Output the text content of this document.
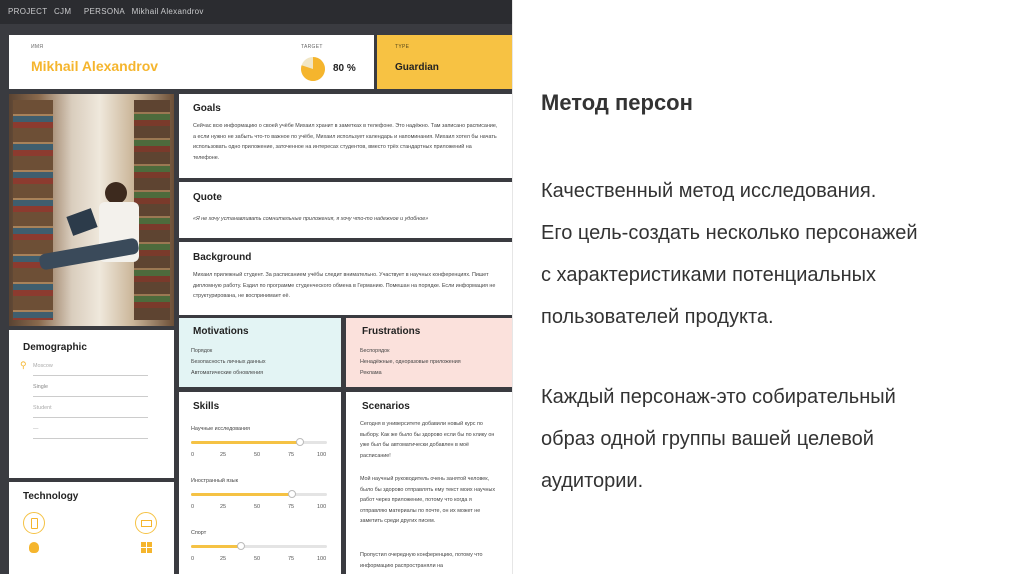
PROJECT CJM PERSONA Mikhail Alexandrov
ИМЯ
Mikhail Alexandrov
TARGET
80 %
TYPE
Guardian
Goals
Сейчас всю информацию о своей учёбе Михаил хранит в заметках в телефоне. Это надёжно. Там записано расписание, а если нужно не забыть что-то важное по учёбе, Михаил использует календарь и напоминания. Михаил хотел бы начать использовать одно приложение, заточенное на интересах студентов, вместо трёх стандартных приложений на телефоне.
Quote
«Я не хочу устанавливать сомнительные приложения, я хочу что-то надежное и удобное»
Background
Михаил прилежный студент. За расписанием учёбы следит внимательно. Участвует в научных конференциях. Пишет дипломную работу. Ездил по программе студенческого обмена в Германию. Помешан на порядке. Если информация не структурирована, не воспринимает её.
Demographic
⚲ Moscow
Single
Student
—
Technology
Motivations
Порядок
Безопасность личных данных
Автоматические обновления
Frustrations
Беспорядок
Ненадёжные, одноразовые приложения
Реклама
Skills
Научные исследования
0	25	50	75	100
Иностранный язык
0	25	50	75	100
Спорт
0	25	50	75	100
Scenarios
Сегодня в университете добавили новый курс по выбору. Как же было бы здорово если бы по клику он уже был бы автоматически добавлен в моё расписание!
Мой научный руководитель очень занятой человек, было бы здорово отправлять ему текст моих научных работ через приложение, потому что когда я отправляю материалы по почте, он их может не заметить среди других писем.
Пропустил очередную конференцию, потому что информацию распространяли на
Метод персон
Качественный метод исследования.
Его цель-создать несколько персонажей
с характеристиками потенциальных
пользователей продукта.
Каждый персонаж-это собирательный
образ одной группы вашей целевой
аудитории.
